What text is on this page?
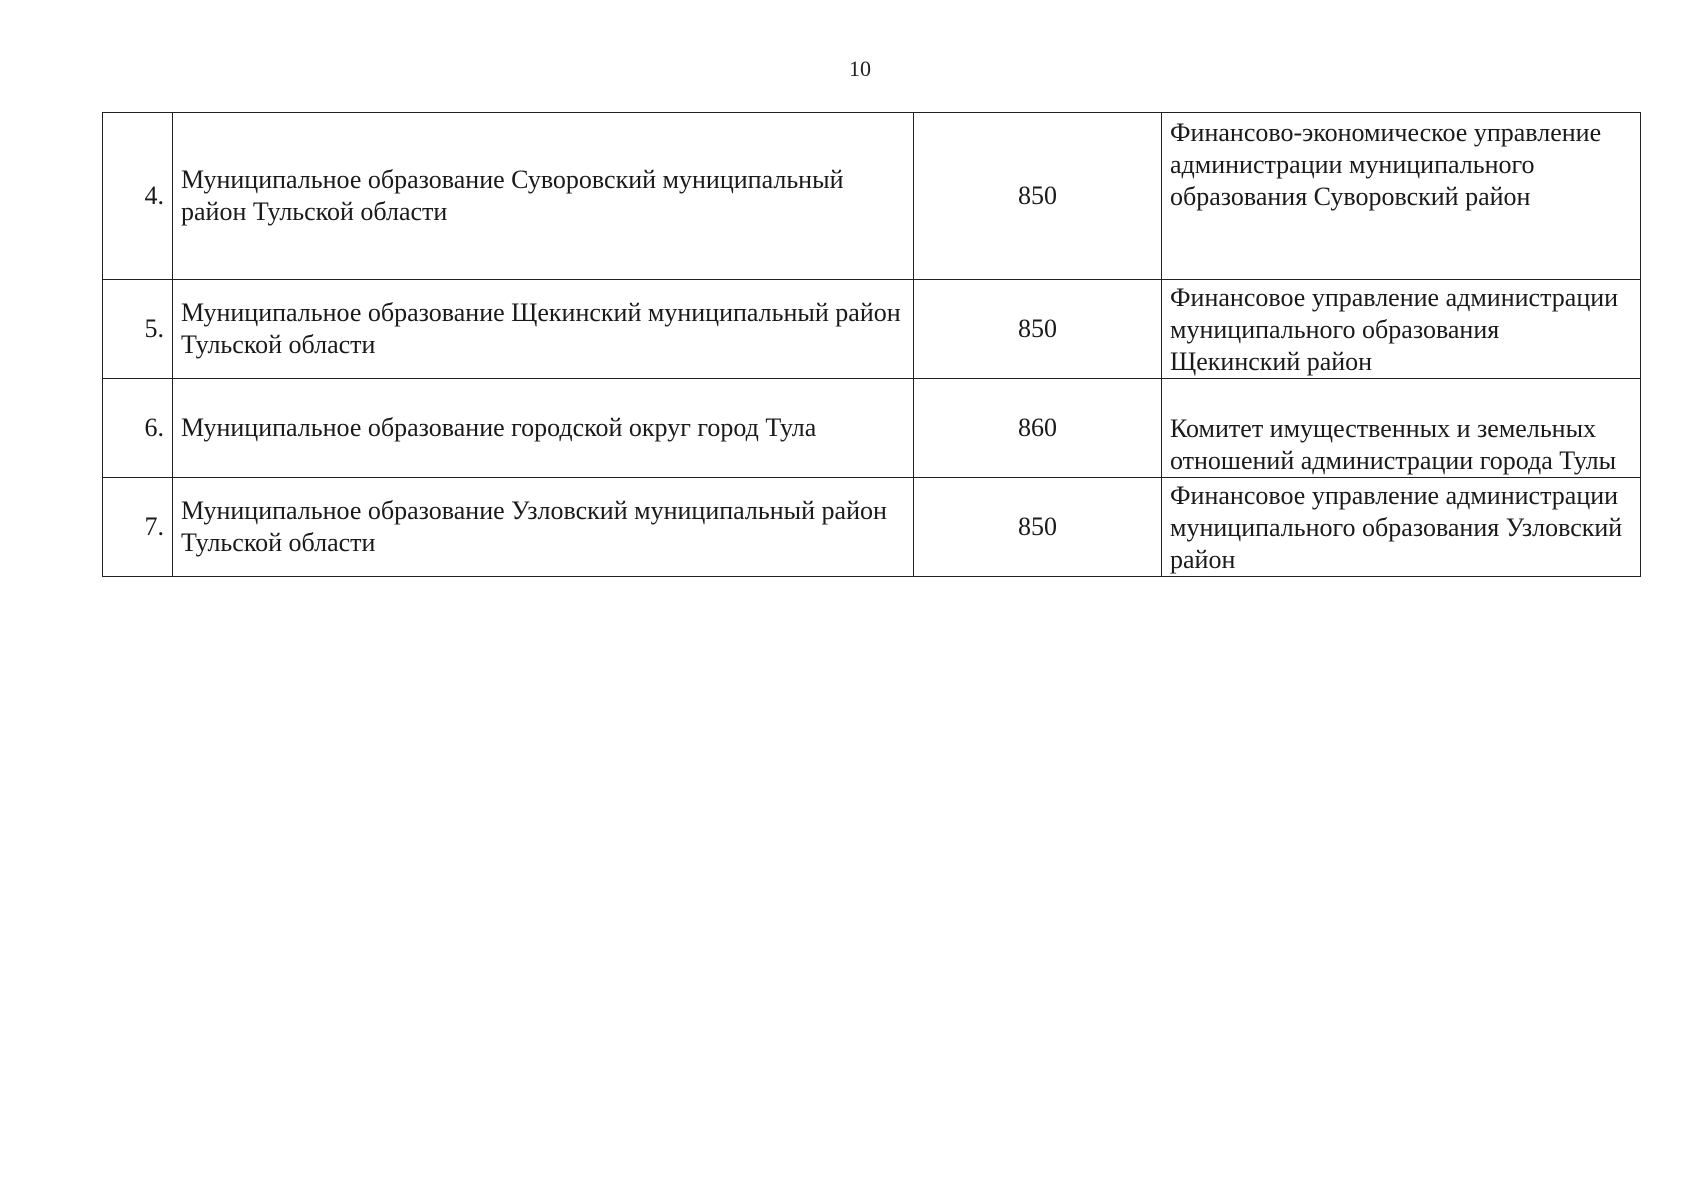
10
4.	Муниципальное образование Суворовский муниципальный район Тульской области	850	Финансово-экономическое управление администрации муниципального образования Суворовский район

5.	Муниципальное образование Щекинский муниципальный район Тульской области	850	Финансовое управление администрации муниципального образования Щекинский район

6.	Муниципальное образование городской округ город Тула	860	Комитет имущественных и земельных отношений администрации города Тулы

7.	Муниципальное образование Узловский муниципальный район Тульской области	850	Финансовое управление администрации муниципального образования Узловский район
